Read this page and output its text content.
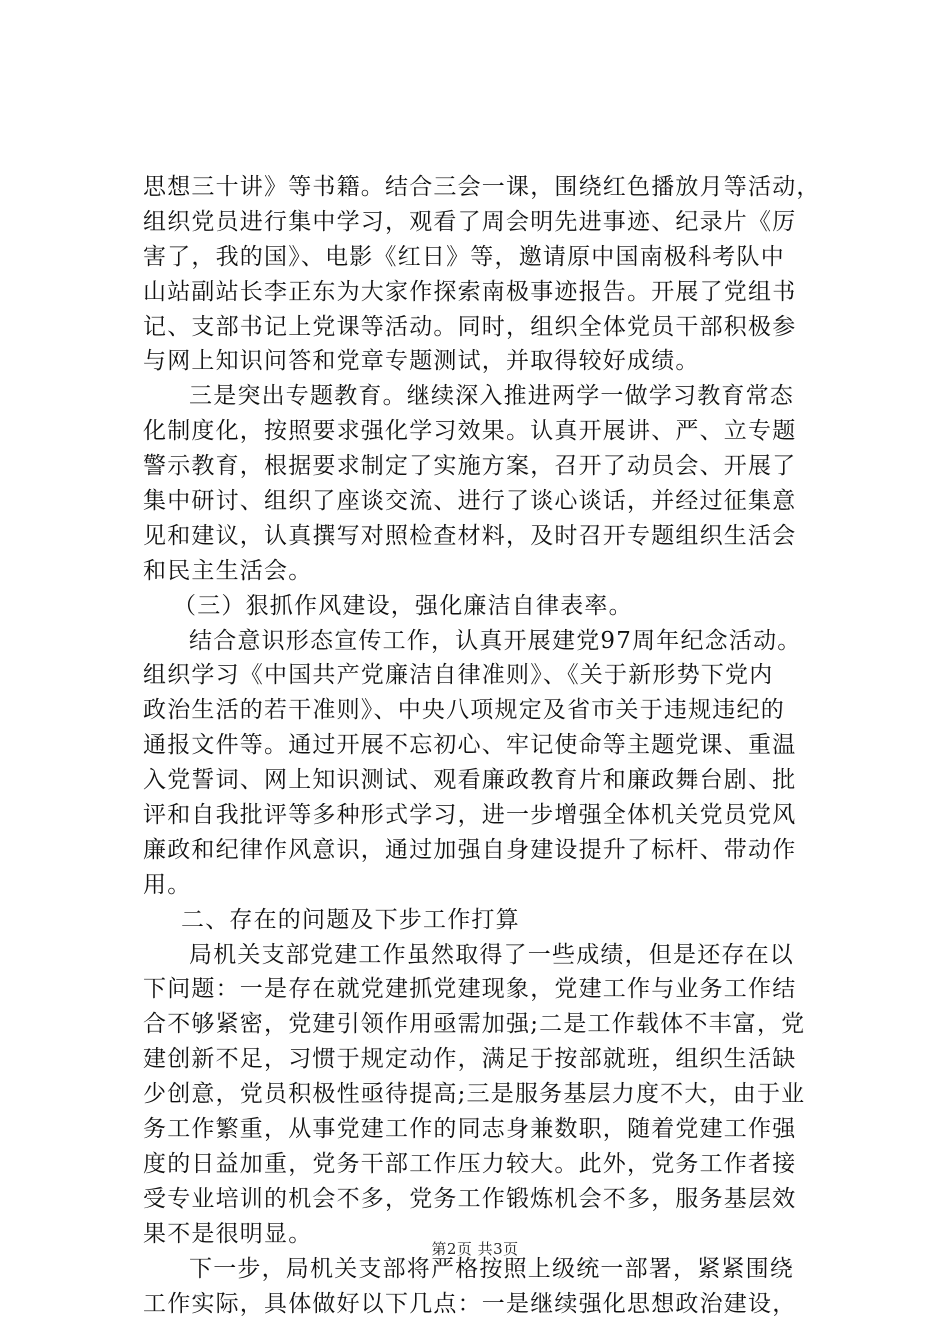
思想三十讲》等书籍。结合三会一课，围绕红色播放月等活动，
组织党员进行集中学习，观看了周会明先进事迹、纪录片《厉
害了，我的国》、电影《红日》等，邀请原中国南极科考队中
山站副站长李正东为大家作探索南极事迹报告。开展了党组书
记、支部书记上党课等活动。同时，组织全体党员干部积极参
与网上知识问答和党章专题测试，并取得较好成绩。
三是突出专题教育。继续深入推进两学一做学习教育常态
化制度化，按照要求强化学习效果。认真开展讲、严、立专题
警示教育，根据要求制定了实施方案，召开了动员会、开展了
集中研讨、组织了座谈交流、进行了谈心谈话，并经过征集意
见和建议，认真撰写对照检查材料，及时召开专题组织生活会
和民主生活会。
（三）狠抓作风建设，强化廉洁自律表率。
结合意识形态宣传工作，认真开展建党97周年纪念活动。
组织学习《中国共产党廉洁自律准则》、《关于新形势下党内
政治生活的若干准则》、中央八项规定及省市关于违规违纪的
通报文件等。通过开展不忘初心、牢记使命等主题党课、重温
入党誓词、网上知识测试、观看廉政教育片和廉政舞台剧、批
评和自我批评等多种形式学习，进一步增强全体机关党员党风
廉政和纪律作风意识，通过加强自身建设提升了标杆、带动作
用。
二、存在的问题及下步工作打算
局机关支部党建工作虽然取得了一些成绩，但是还存在以
下问题：一是存在就党建抓党建现象，党建工作与业务工作结
合不够紧密，党建引领作用亟需加强;二是工作载体不丰富，党
建创新不足，习惯于规定动作，满足于按部就班，组织生活缺
少创意，党员积极性亟待提高;三是服务基层力度不大，由于业
务工作繁重，从事党建工作的同志身兼数职，随着党建工作强
度的日益加重，党务干部工作压力较大。此外，党务工作者接
受专业培训的机会不多，党务工作锻炼机会不多，服务基层效
果不是很明显。
下一步，局机关支部将严格按照上级统一部署，紧紧围绕
工作实际，具体做好以下几点：一是继续强化思想政治建设，
第2页 共3页
